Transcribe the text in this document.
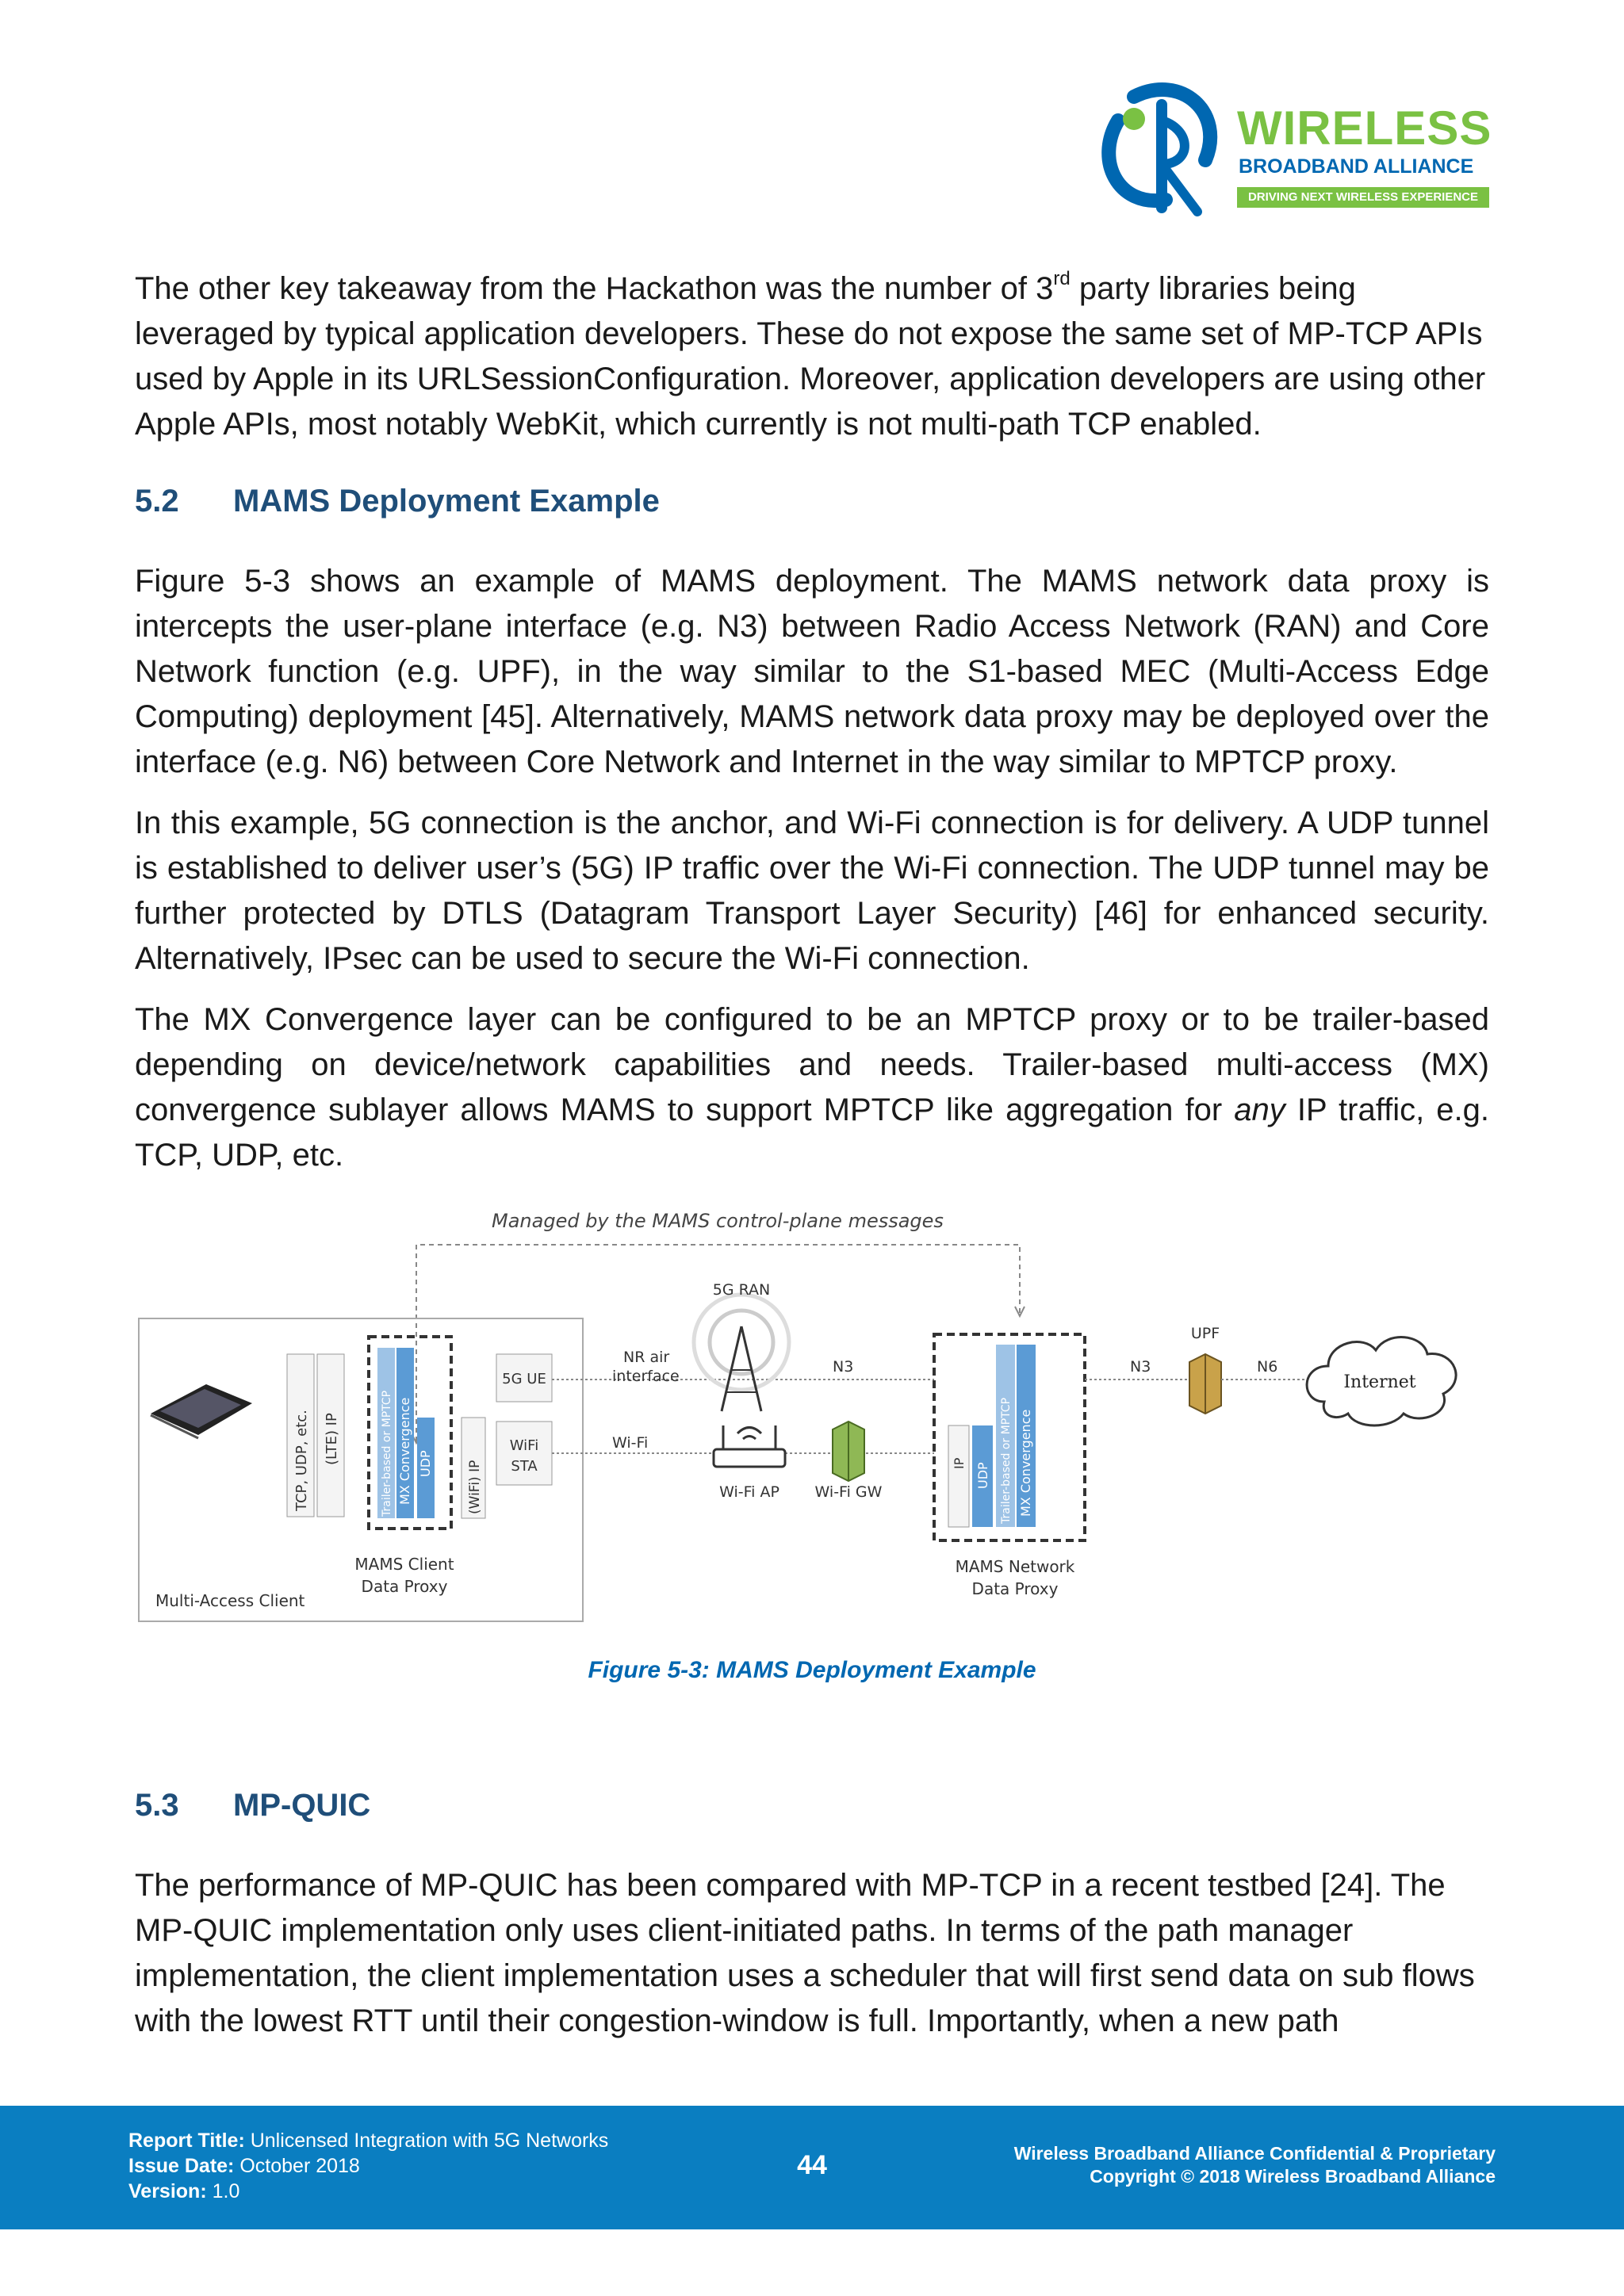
WIRELESS
BROADBAND ALLIANCE
DRIVING NEXT WIRELESS EXPERIENCE

The other key takeaway from the Hackathon was the number of 3rd party libraries being leveraged by typical application developers. These do not expose the same set of MP-TCP APIs used by Apple in its URLSessionConfiguration. Moreover, application developers are using other Apple APIs, most notably WebKit, which currently is not multi-path TCP enabled.

5.2 MAMS Deployment Example

Figure 5-3 shows an example of MAMS deployment. The MAMS network data proxy is intercepts the user-plane interface (e.g. N3) between Radio Access Network (RAN) and Core Network function (e.g. UPF), in the way similar to the S1-based MEC (Multi-Access Edge Computing) deployment [45]. Alternatively, MAMS network data proxy may be deployed over the interface (e.g. N6) between Core Network and Internet in the way similar to MPTCP proxy.

In this example, 5G connection is the anchor, and Wi-Fi connection is for delivery. A UDP tunnel is established to deliver user’s (5G) IP traffic over the Wi-Fi connection. The UDP tunnel may be further protected by DTLS (Datagram Transport Layer Security) [46] for enhanced security. Alternatively, IPsec can be used to secure the Wi-Fi connection.

The MX Convergence layer can be configured to be an MPTCP proxy or to be trailer-based depending on device/network capabilities and needs. Trailer-based multi-access (MX) convergence sublayer allows MAMS to support MPTCP like aggregation for any IP traffic, e.g. TCP, UDP, etc.

Managed by the MAMS control-plane messages
Multi-Access Client
TCP, UDP, etc. (LTE) IP	Trailer-based or MPTCP MX Convergence UDP	(WiFi) IP
5G UE
WiFi
STA
MAMS Client
Data Proxy
NR air
interface
Wi-Fi
5G RAN
N3
Wi-Fi AP Wi-Fi GW
IP UDP Trailer-based or MPTCP MX Convergence
MAMS Network
Data Proxy
N3
UPF
N6
Internet
Figure 5-3: MAMS Deployment Example
5.3 MP-QUIC

The performance of MP-QUIC has been compared with MP-TCP in a recent testbed [24]. The MP-QUIC implementation only uses client-initiated paths. In terms of the path manager implementation, the client implementation uses a scheduler that will first send data on sub flows with the lowest RTT until their congestion-window is full. Importantly, when a new path

Report Title: Unlicensed Integration with 5G Networks
Issue Date: October 2018
Version: 1.0
44	Wireless Broadband Alliance Confidential & Proprietary
Copyright © 2018 Wireless Broadband Alliance
